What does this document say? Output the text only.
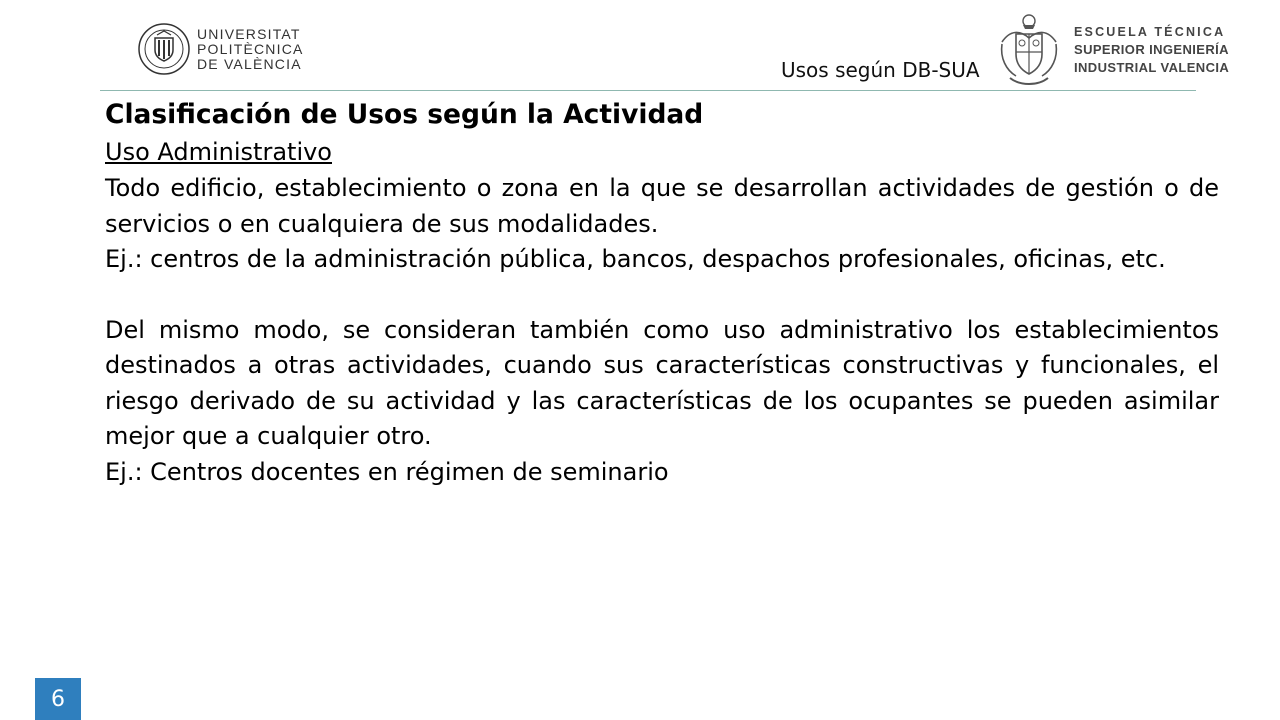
UNIVERSITAT
POLITÈCNICA
DE VALÈNCIA	Usos según DB-SUA
ESCUELA TÉCNICA
SUPERIOR INGENIERÍA
INDUSTRIAL VALENCIA

Clasificación de Usos según la Actividad

Uso Administrativo

Todo edificio, establecimiento o zona en la que se desarrollan actividades de gestión o de servicios o en cualquiera de sus modalidades.

Ej.: centros de la administración pública, bancos, despachos profesionales, oficinas, etc.

Del mismo modo, se consideran también como uso administrativo los establecimientos destinados a otras actividades, cuando sus características constructivas y funcionales, el riesgo derivado de su actividad y las características de los ocupantes se pueden asimilar mejor que a cualquier otro.

Ej.: Centros docentes en régimen de seminario

6
